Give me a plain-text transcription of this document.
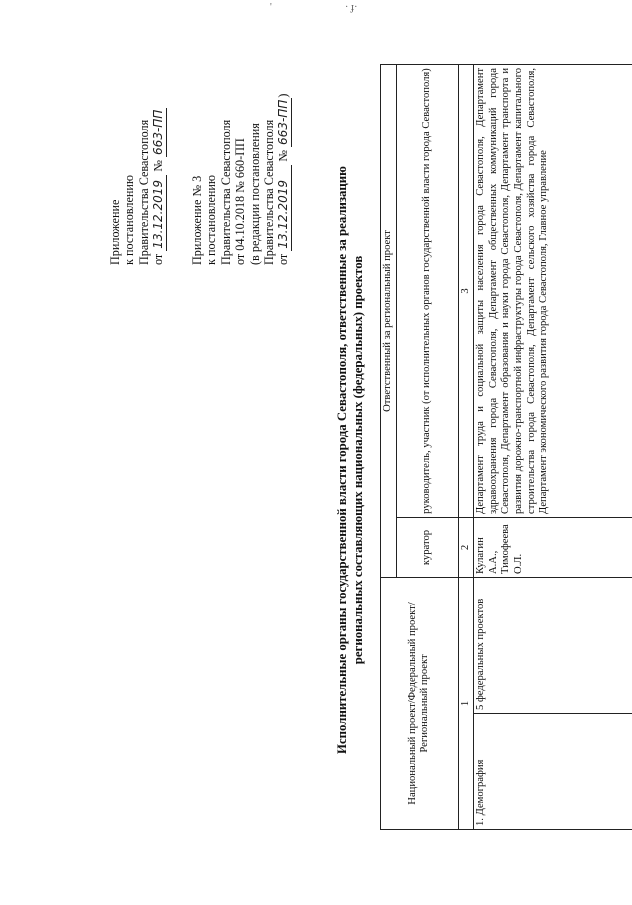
'	· ɟ·
Приложение к постановлению Правительства Севастополя от 13.12.2019 № 663-ПП
Приложение № 3 к постановлению Правительства Севастополя от 04.10.2018 № 660-ПП (в редакции постановления Правительства Севастополя от 13.12.2019 № 663-ПП)
Исполнительные органы государственной власти города Севастополя, ответственные за реализацию региональных составляющих национальных (федеральных) проектов
Национальный проект/Федеральный проект/ Региональный проект		Ответственный за региональный проект	
		куратор	руководитель, участник (от исполнительных органов государственной власти города Севастополя)
1		2	3
1. Демография	5 федеральных проектов	Кулагин А.А., Тимофеева О.Л.	Департамент труда и социальной защиты населения города Севастополя, Департамент здравоохранения города Севастополя, Департамент общественных коммуникаций города Севастополя, Департамент образования и науки города Севастополя, Департамент транспорта и развития дорожно-транспортной инфраструктуры города Севастополя, Департамент капитального строительства города Севастополя, Департамент сельского хозяйства города Севастополя, Департамент экономического развития города Севастополя, Главное управление
